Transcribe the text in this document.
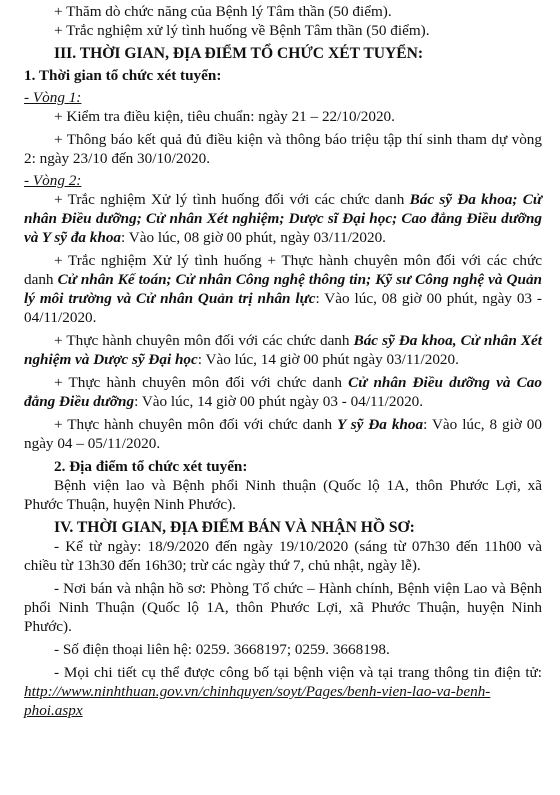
+ Thăm dò chức năng của Bệnh lý Tâm thần (50 điểm).

+ Trắc nghiệm xử lý tình huống về Bệnh Tâm thần (50 điểm).

III. THỜI GIAN, ĐỊA ĐIỂM TỔ CHỨC XÉT TUYỂN:

1. Thời gian tổ chức xét tuyển:

- Vòng 1:

+ Kiểm tra điều kiện, tiêu chuẩn: ngày 21 – 22/10/2020.

+ Thông báo kết quả đủ điều kiện và thông báo triệu tập thí sinh tham dự vòng 2: ngày 23/10 đến 30/10/2020.

- Vòng 2:

+ Trắc nghiệm Xử lý tình huống đối với các chức danh Bác sỹ Đa khoa; Cử nhân Điều dưỡng; Cử nhân Xét nghiệm; Dược sĩ Đại học; Cao đẳng Điều dưỡng và Y sỹ đa khoa: Vào lúc, 08 giờ 00 phút, ngày 03/11/2020.

+ Trắc nghiệm Xử lý tình huống + Thực hành chuyên môn đối với các chức danh Cử nhân Kế toán; Cử nhân Công nghệ thông tin; Kỹ sư Công nghệ và Quản lý môi trường và Cử nhân Quản trị nhân lực: Vào lúc, 08 giờ 00 phút, ngày 03 - 04/11/2020.

+ Thực hành chuyên môn đối với các chức danh Bác sỹ Đa khoa, Cử nhân Xét nghiệm và Dược sỹ Đại học: Vào lúc, 14 giờ 00 phút ngày 03/11/2020.

+ Thực hành chuyên môn đối với chức danh Cử nhân Điều dưỡng và Cao đẳng Điều dưỡng: Vào lúc, 14 giờ 00 phút ngày 03 - 04/11/2020.

+ Thực hành chuyên môn đối với chức danh Y sỹ Đa khoa: Vào lúc, 8 giờ 00 ngày 04 – 05/11/2020.

2. Địa điểm tổ chức xét tuyển:

Bệnh viện lao và Bệnh phổi Ninh thuận (Quốc lộ 1A, thôn Phước Lợi, xã Phước Thuận, huyện Ninh Phước).

IV. THỜI GIAN, ĐỊA ĐIỂM BÁN VÀ NHẬN HỒ SƠ:

- Kể từ ngày: 18/9/2020 đến ngày 19/10/2020 (sáng từ 07h30 đến 11h00 và chiều từ 13h30 đến 16h30; trừ các ngày thứ 7, chủ nhật, ngày lễ).

- Nơi bán và nhận hồ sơ: Phòng Tổ chức – Hành chính, Bệnh viện Lao và Bệnh phổi Ninh Thuận (Quốc lộ 1A, thôn Phước Lợi, xã Phước Thuận, huyện Ninh Phước).

- Số điện thoại liên hệ: 0259. 3668197; 0259. 3668198.

- Mọi chi tiết cụ thể được công bố tại bệnh viện và tại trang thông tin điện tử: http://www.ninhthuan.gov.vn/chinhquyen/soyt/Pages/benh-vien-lao-va-benh-phoi.aspx
